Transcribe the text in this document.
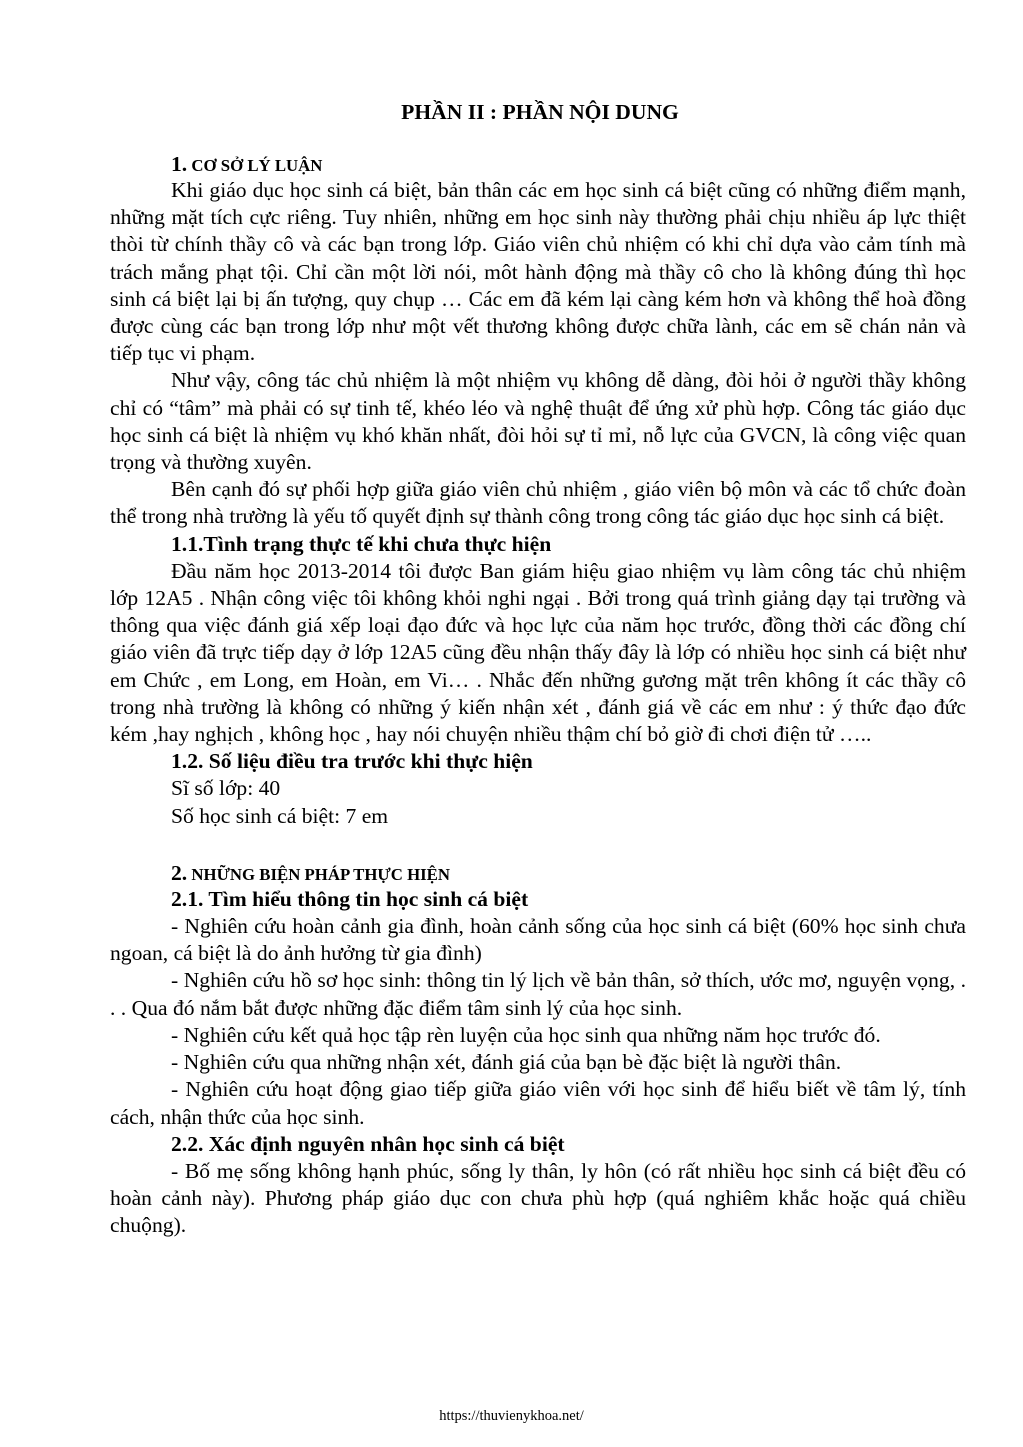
PHẦN II : PHẦN NỘI DUNG
1. CƠ SỞ LÝ LUẬN

Khi giáo dục học sinh cá biệt, bản thân các em học sinh cá biệt cũng có những điểm mạnh, những mặt tích cực riêng. Tuy nhiên, những em học sinh này thường phải chịu nhiều áp lực thiệt thòi từ chính thầy cô và các bạn trong lớp. Giáo viên chủ nhiệm có khi chỉ dựa vào cảm tính mà trách mắng phạt tội. Chỉ cần một lời nói, môt hành động mà thầy cô cho là không đúng thì học sinh cá biệt lại bị ấn tượng, quy chụp … Các em đã kém lại càng kém hơn và không thể hoà đồng được cùng các bạn trong lớp như một vết thương không được chữa lành, các em sẽ chán nản và tiếp tục vi phạm.

Như vậy, công tác chủ nhiệm là một nhiệm vụ không dễ dàng, đòi hỏi ở người thầy không chỉ có “tâm” mà phải có sự tinh tế, khéo léo và nghệ thuật để ứng xử phù hợp. Công tác giáo dục học sinh cá biệt là nhiệm vụ khó khăn nhất, đòi hỏi sự tỉ mỉ, nỗ lực của GVCN, là công việc quan trọng và thường xuyên.

Bên cạnh đó sự phối hợp giữa giáo viên chủ nhiệm , giáo viên bộ môn và các tổ chức đoàn thể trong nhà trường là yếu tố quyết định sự thành công trong công tác giáo dục học sinh cá biệt.

1.1.Tình trạng thực tế khi chưa thực hiện

Đầu năm học 2013-2014 tôi được Ban giám hiệu giao nhiệm vụ làm công tác chủ nhiệm lớp 12A5 . Nhận công việc tôi không khỏi nghi ngại . Bởi trong quá trình giảng dạy tại trường và thông qua việc đánh giá xếp loại đạo đức và học lực của năm học trước, đồng thời các đồng chí giáo viên đã trực tiếp dạy ở lớp 12A5 cũng đều nhận thấy đây là lớp có nhiều học sinh cá biệt như em Chức , em Long, em Hoàn, em Vi… . Nhắc đến những gương mặt trên không ít các thầy cô trong nhà trường là không có những ý kiến nhận xét , đánh giá về các em như : ý thức đạo đức kém ,hay nghịch , không học , hay nói chuyện nhiều thậm chí bỏ giờ đi chơi điện tử …..

1.2. Số liệu điều tra trước khi thực hiện

Sĩ số lớp: 40

Số học sinh cá biệt: 7 em

2. NHỮNG BIỆN PHÁP THỰC HIỆN
2.1. Tìm hiểu thông tin học sinh cá biệt

- Nghiên cứu hoàn cảnh gia đình, hoàn cảnh sống của học sinh cá biệt (60% học sinh chưa ngoan, cá biệt là do ảnh hưởng từ gia đình)

- Nghiên cứu hồ sơ học sinh: thông tin lý lịch về bản thân, sở thích, ước mơ, nguyện vọng, . . . Qua đó nắm bắt được những đặc điểm tâm sinh lý của học sinh.

- Nghiên cứu kết quả học tập rèn luyện của học sinh qua những năm học trước đó.

- Nghiên cứu qua những nhận xét, đánh giá của bạn bè đặc biệt là người thân.

- Nghiên cứu hoạt động giao tiếp giữa giáo viên với học sinh để hiểu biết về tâm lý, tính cách, nhận thức của học sinh.

2.2. Xác định nguyên nhân học sinh cá biệt

- Bố mẹ sống không hạnh phúc, sống ly thân, ly hôn (có rất nhiều học sinh cá biệt đều có hoàn cảnh này). Phương pháp giáo dục con chưa phù hợp (quá nghiêm khắc hoặc quá chiều chuộng).

https://thuvienykhoa.net/
